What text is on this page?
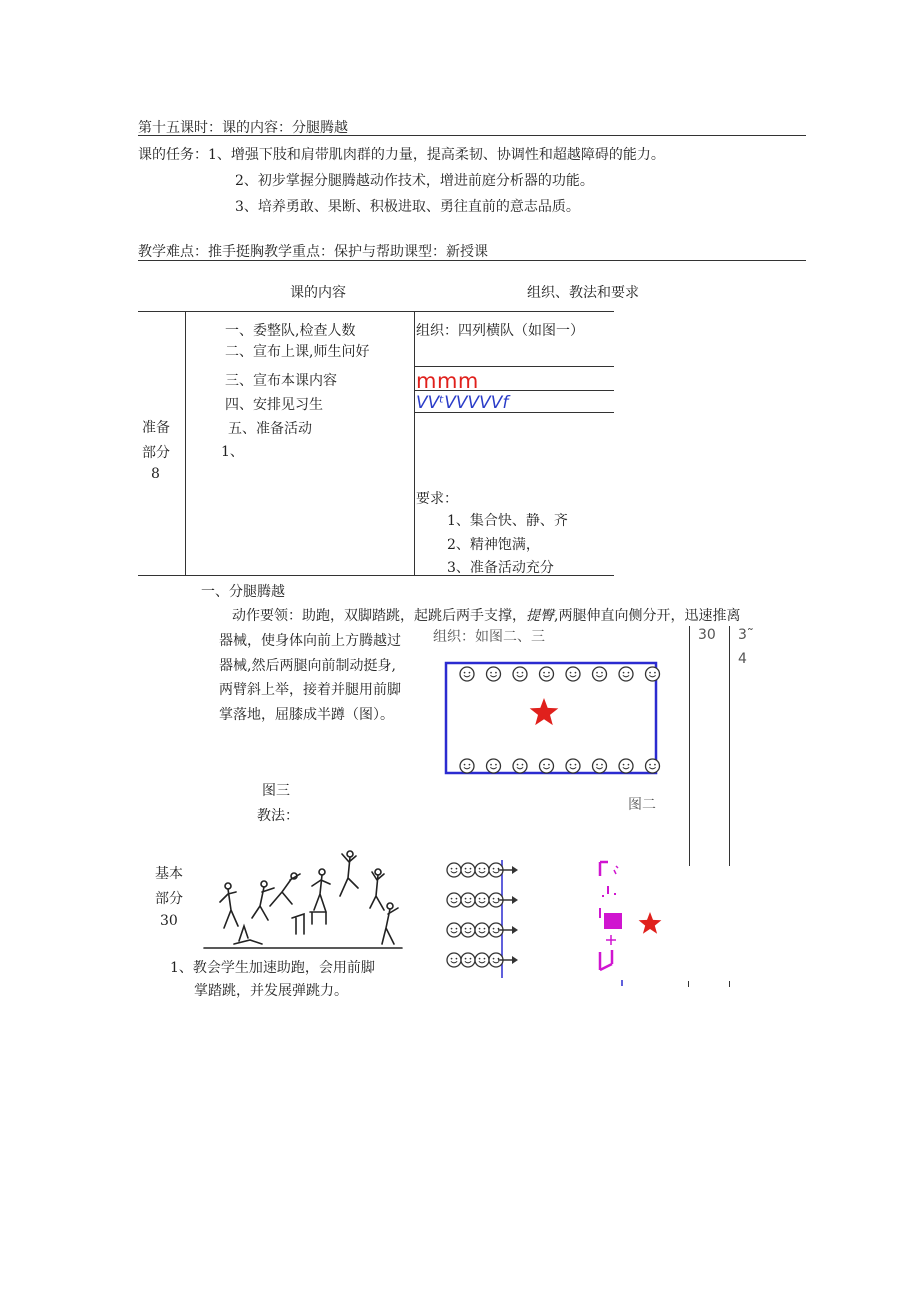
第十五课时：课的内容：分腿腾越
课的任务：1、增强下肢和肩带肌肉群的力量，提高柔韧、协调性和超越障碍的能力。
2、初步掌握分腿腾越动作技术，增进前庭分析器的功能。
3、培养勇敢、果断、积极进取、勇往直前的意志品质。
教学难点：推手挺胸教学重点：保护与帮助课型：新授课
课的内容	组织、教法和要求
准备
部分
8
一、委整队,检查人数
二、宣布上课,师生问好
三、宣布本课内容
四、安排见习生
五、准备活动
1、
组织：四列横队（如图一）
mmm
VVᵗVVVVVf
要求：
1、集合快、静、齐
2、精神饱满，
3、准备活动充分
一、分腿腾越
动作要领：助跑，双脚踏跳，起跳后两手支撑，提臀,两腿伸直向侧分开，迅速推离
器械，使身体向前上方腾越过
器械,然后两腿向前制动挺身,
两臂斜上举，接着并腿用前脚
掌落地，屈膝成半蹲（图）。
组织：如图二、三
图二
30 3˜
4
图三
教法：
基本
部分
30
1、教会学生加速助跑，会用前脚
掌踏跳，并发展弹跳力。
